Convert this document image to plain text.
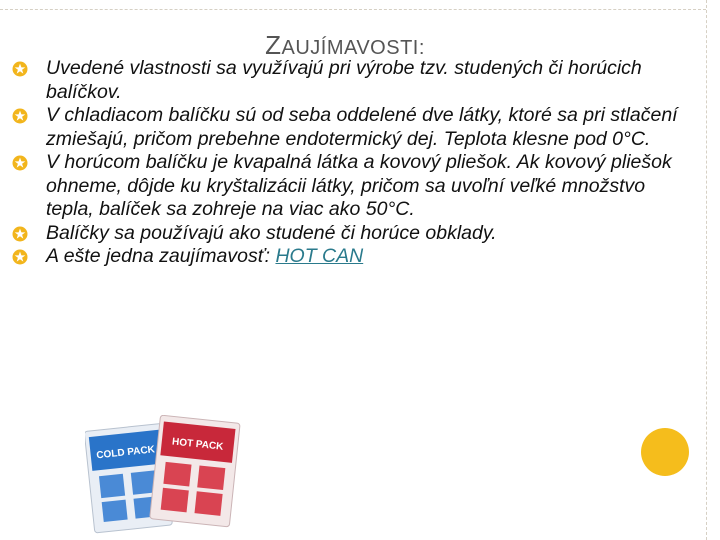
ZAUJÍMAVOSTI:
Uvedené vlastnosti sa využívajú pri výrobe tzv. studených či horúcich balíčkov.
V chladiacom balíčku sú od seba oddelené dve látky, ktoré sa pri stlačení zmiešajú, pričom prebehne endotermický dej. Teplota klesne pod 0°C.
V horúcom balíčku je kvapalná látka a kovový pliešok. Ak kovový pliešok ohneme, dôjde ku kryštalizácii látky, pričom sa uvoľní veľké množstvo tepla, balíček sa zohreje na viac ako 50°C.
Balíčky sa používajú ako studené či horúce obklady.
A ešte jedna zaujímavosť: HOT CAN
COLD PACK HOT PACK
